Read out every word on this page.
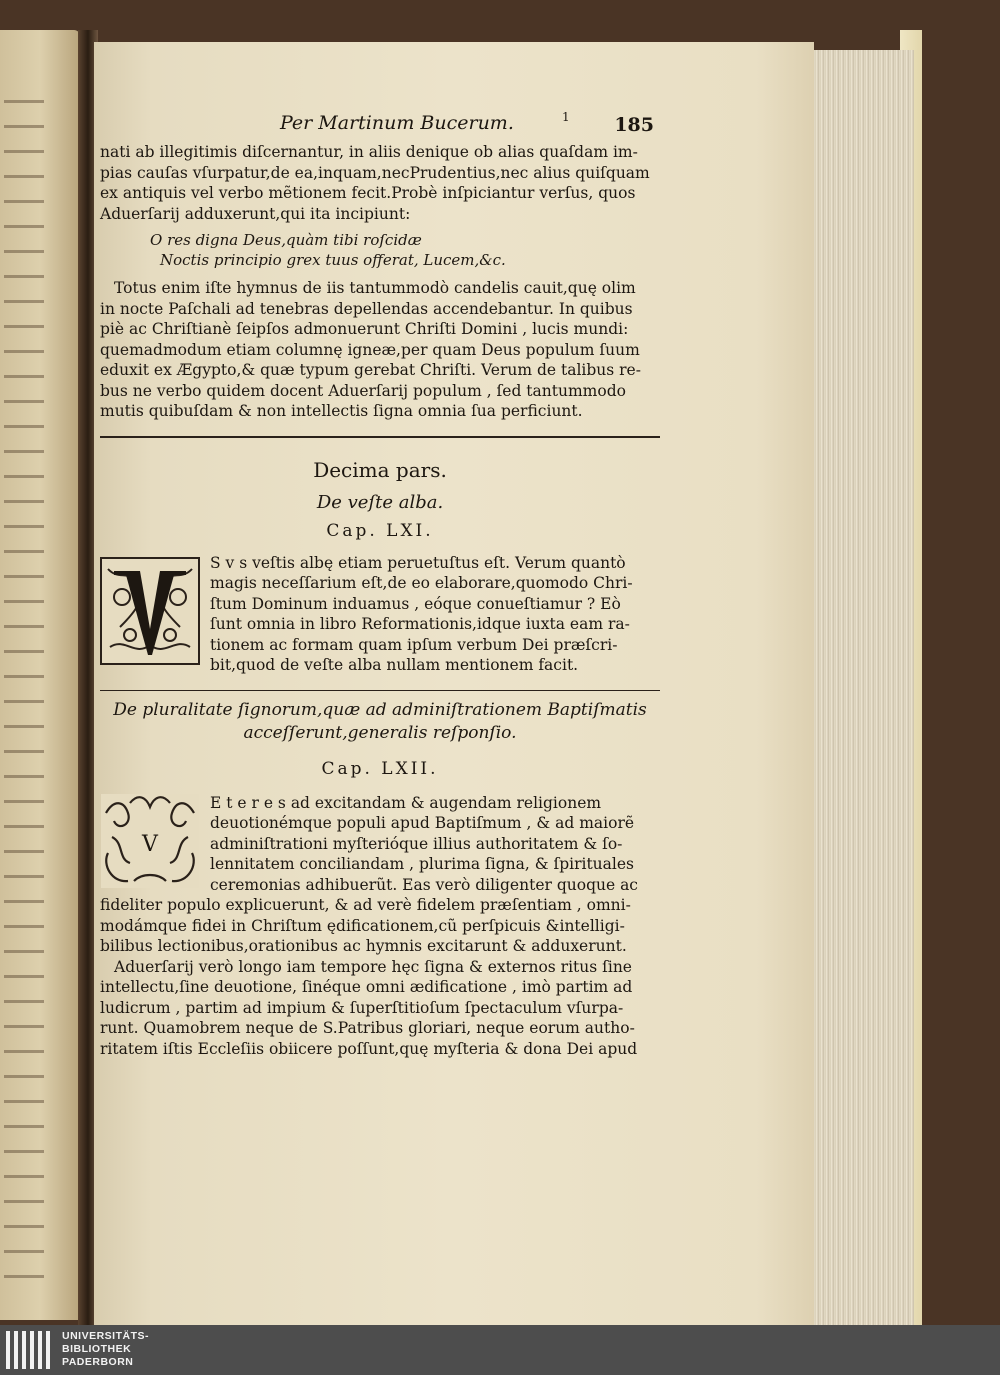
Per Martinum Bucerum.	1 185

nati ab illegitimis diſcernantur, in aliis denique ob alias quaſdam im-
pias cauſas vſurpatur,de ea,inquam,necPrudentius,nec alius quiſquam
ex antiquis vel verbo mẽtionem fecit.Probè inſpiciantur verſus, quos
Aduerſarij adduxerunt,qui ita incipiunt:

O res digna Deus,quàm tibi roſcidæ
Noctis principio grex tuus offerat, Lucem,&c.

Totus enim iſte hymnus de iis tantummodò candelis cauit,quę olim
in nocte Paſchali ad tenebras depellendas accendebantur. In quibus
piè ac Chriſtianè ſeipſos admonuerunt Chriſti Domini , lucis mundi:
quemadmodum etiam columnę igneæ,per quam Deus populum ſuum
eduxit ex Ægypto,& quæ typum gerebat Chriſti. Verum de talibus re-
bus ne verbo quidem docent Aduerſarij populum , ſed tantummodo
mutis quibuſdam & non intellectis ſigna omnia ſua perficiunt.

Decima pars.
De veſte alba.
Cap. LXI.

S v s veſtis albę etiam peruetuſtus eſt. Verum quantò
magis neceſſarium eſt,de eo elaborare,quomodo Chri-
ſtum Dominum induamus , eóque conueſtiamur ? Eò
ſunt omnia in libro Reformationis,idque iuxta eam ra-
tionem ac formam quam ipſum verbum Dei præſcri-
bit,quod de veſte alba nullam mentionem facit.

De pluralitate ſignorum,quæ ad adminiſtrationem Baptiſmatis
acceſſerunt,generalis reſponſio.
Cap. LXII.
V

E t e r e s ad excitandam & augendam religionem
deuotionémque populi apud Baptiſmum , & ad maiorẽ
adminiſtrationi myſterióque illius authoritatem & ſo-
lennitatem conciliandam , plurima ſigna, & ſpirituales
ceremonias adhibuerũt. Eas verò diligenter quoque ac

fideliter populo explicuerunt, & ad verè fidelem præſentiam , omni-
modámque fidei in Chriſtum ędificationem,cũ perſpicuis &intelligi-
bilibus lectionibus,orationibus ac hymnis excitarunt & adduxerunt.

Aduerſarij verò longo iam tempore hęc ſigna & externos ritus ſine
intellectu,ſine deuotione, ſinéque omni ædificatione , imò partim ad
ludicrum , partim ad impium & ſuperſtitioſum ſpectaculum vſurpa-
runt. Quamobrem neque de S.Patribus gloriari, neque eorum autho-
ritatem iſtis Eccleſiis obiicere poſſunt,quę myſteria & dona Dei apud

UNIVERSITÄTS-
BIBLIOTHEK
PADERBORN
